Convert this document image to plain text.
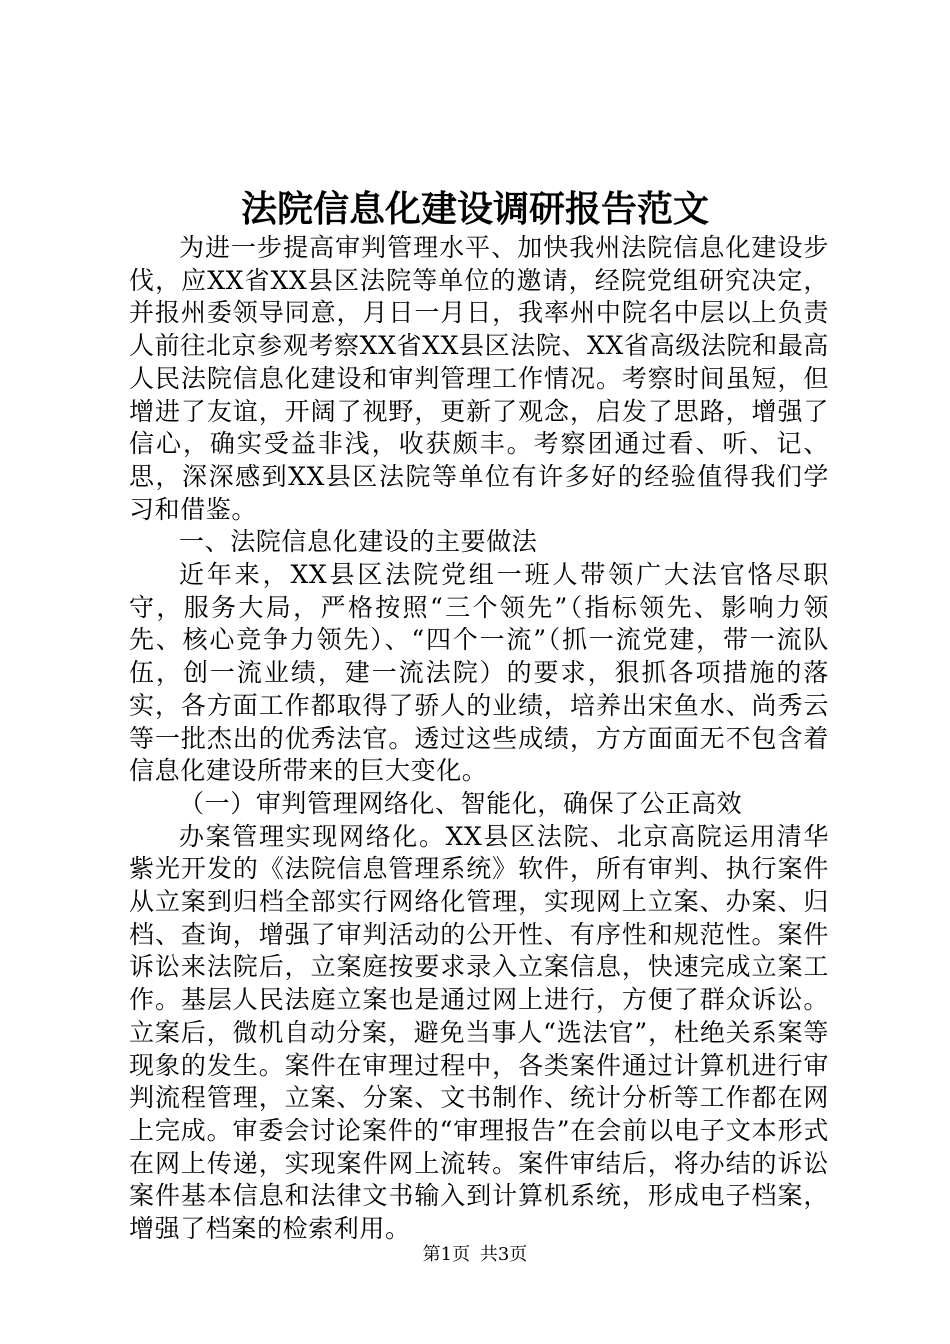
法院信息化建设调研报告范文

为进一步提高审判管理水平、加快我州法院信息化建设步伐，应XX省XX县区法院等单位的邀请，经院党组研究决定，并报州委领导同意，月日一月日，我率州中院名中层以上负责人前往北京参观考察XX省XX县区法院、XX省高级法院和最高人民法院信息化建设和审判管理工作情况。考察时间虽短，但增进了友谊，开阔了视野，更新了观念，启发了思路，增强了信心，确实受益非浅，收获颇丰。考察团通过看、听、记、思，深深感到XX县区法院等单位有许多好的经验值得我们学习和借鉴。

一、法院信息化建设的主要做法

近年来，XX县区法院党组一班人带领广大法官恪尽职守，服务大局，严格按照“三个领先”（指标领先、影响力领先、核心竞争力领先）、“四个一流”（抓一流党建，带一流队伍，创一流业绩，建一流法院）的要求，狠抓各项措施的落实，各方面工作都取得了骄人的业绩，培养出宋鱼水、尚秀云等一批杰出的优秀法官。透过这些成绩，方方面面无不包含着信息化建设所带来的巨大变化。

（一）审判管理网络化、智能化，确保了公正高效

办案管理实现网络化。XX县区法院、北京高院运用清华紫光开发的《法院信息管理系统》软件，所有审判、执行案件从立案到归档全部实行网络化管理，实现网上立案、办案、归档、查询，增强了审判活动的公开性、有序性和规范性。案件诉讼来法院后，立案庭按要求录入立案信息，快速完成立案工作。基层人民法庭立案也是通过网上进行，方便了群众诉讼。立案后，微机自动分案，避免当事人“选法官”，杜绝关系案等现象的发生。案件在审理过程中，各类案件通过计算机进行审判流程管理，立案、分案、文书制作、统计分析等工作都在网上完成。审委会讨论案件的“审理报告”在会前以电子文本形式在网上传递，实现案件网上流转。案件审结后，将办结的诉讼案件基本信息和法律文书输入到计算机系统，形成电子档案，增强了档案的检索利用。

第1页 共3页
